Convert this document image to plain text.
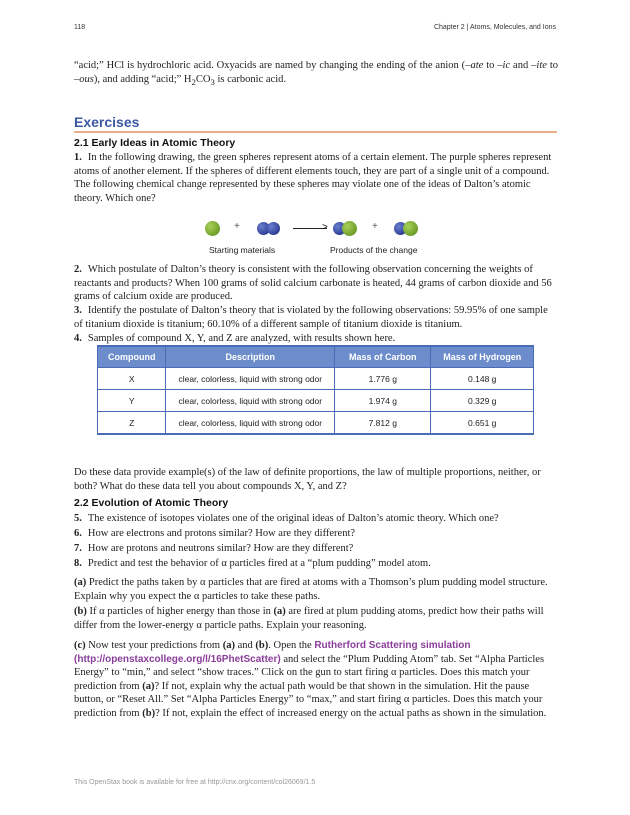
118	Chapter 2 | Atoms, Molecules, and Ions
“acid;” HCl is hydrochloric acid. Oxyacids are named by changing the ending of the anion (–ate to –ic and –ite to –ous), and adding “acid;” $H_2CO_3$ is carbonic acid.
Exercises
2.1 Early Ideas in Atomic Theory
1. In the following drawing, the green spheres represent atoms of a certain element. The purple spheres represent atoms of another element. If the spheres of different elements touch, they are part of a single unit of a compound. The following chemical change represented by these spheres may violate one of the ideas of Dalton’s atomic theory. Which one?
+	>	+
Starting materials	Products of the change
2. Which postulate of Dalton’s theory is consistent with the following observation concerning the weights of reactants and products? When 100 grams of solid calcium carbonate is heated, 44 grams of carbon dioxide and 56 grams of calcium oxide are produced.
3. Identify the postulate of Dalton’s theory that is violated by the following observations: 59.95% of one sample of titanium dioxide is titanium; 60.10% of a different sample of titanium dioxide is titanium.
4. Samples of compound X, Y, and Z are analyzed, with results shown here.
Compound	Description	Mass of Carbon	Mass of Hydrogen
X	clear, colorless, liquid with strong odor	1.776 g	0.148 g
Y	clear, colorless, liquid with strong odor	1.974 g	0.329 g
Z	clear, colorless, liquid with strong odor	7.812 g	0.651 g
Do these data provide example(s) of the law of definite proportions, the law of multiple proportions, neither, or both? What do these data tell you about compounds X, Y, and Z?
2.2 Evolution of Atomic Theory
5. The existence of isotopes violates one of the original ideas of Dalton’s atomic theory. Which one?
6. How are electrons and protons similar? How are they different?
7. How are protons and neutrons similar? How are they different?
8. Predict and test the behavior of α particles fired at a “plum pudding” model atom.
(a) Predict the paths taken by α particles that are fired at atoms with a Thomson’s plum pudding model structure. Explain why you expect the α particles to take these paths.
(b) If α particles of higher energy than those in (a) are fired at plum pudding atoms, predict how their paths will differ from the lower-energy α particle paths. Explain your reasoning.
(c) Now test your predictions from (a) and (b). Open the Rutherford Scattering simulation (http://openstaxcollege.org/l/16PhetScatter) and select the “Plum Pudding Atom” tab. Set “Alpha Particles Energy” to “min,” and select “show traces.” Click on the gun to start firing α particles. Does this match your prediction from (a)? If not, explain why the actual path would be that shown in the simulation. Hit the pause button, or “Reset All.” Set “Alpha Particles Energy” to “max,” and start firing α particles. Does this match your prediction from (b)? If not, explain the effect of increased energy on the actual paths as shown in the simulation.
This OpenStax book is available for free at http://cnx.org/content/col26069/1.5
